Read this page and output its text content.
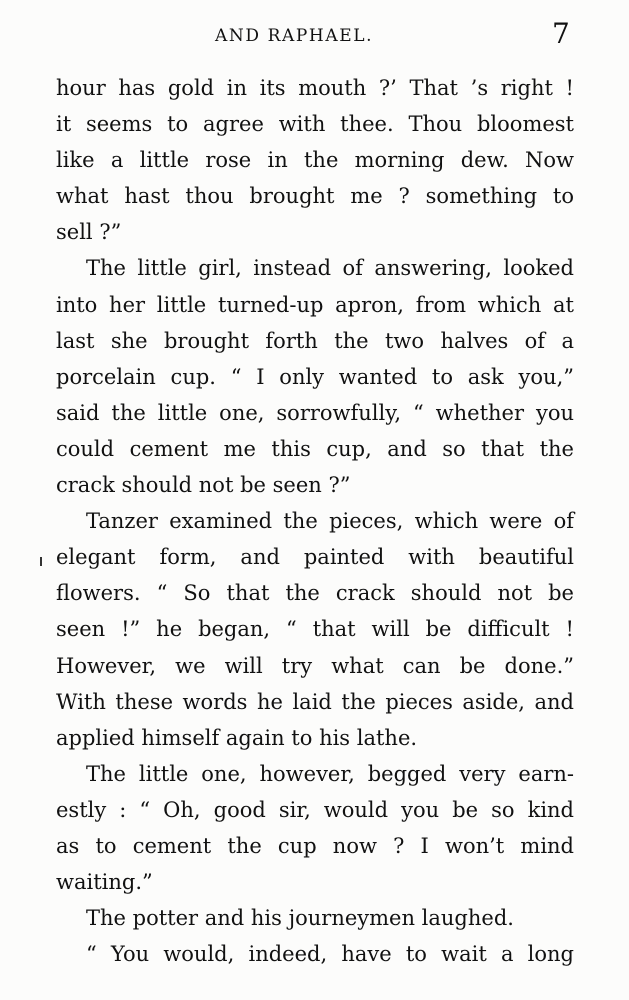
AND RAPHAEL.	7
hour has gold in its mouth ?’ That ’s right !
it seems to agree with thee. Thou bloomest
like a little rose in the morning dew. Now
what hast thou brought me ? something to
sell ?”
The little girl, instead of answering, looked
into her little turned-up apron, from which at
last she brought forth the two halves of a
porcelain cup. “ I only wanted to ask you,”
said the little one, sorrowfully, “ whether you
could cement me this cup, and so that the
crack should not be seen ?”
Tanzer examined the pieces, which were of
elegant form, and painted with beautiful
flowers. “ So that the crack should not be
seen !” he began, “ that will be difficult !
However, we will try what can be done.”
With these words he laid the pieces aside, and
applied himself again to his lathe.
The little one, however, begged very earn-
estly : “ Oh, good sir, would you be so kind
as to cement the cup now ? I won’t mind
waiting.”
The potter and his journeymen laughed.
“ You would, indeed, have to wait a long
